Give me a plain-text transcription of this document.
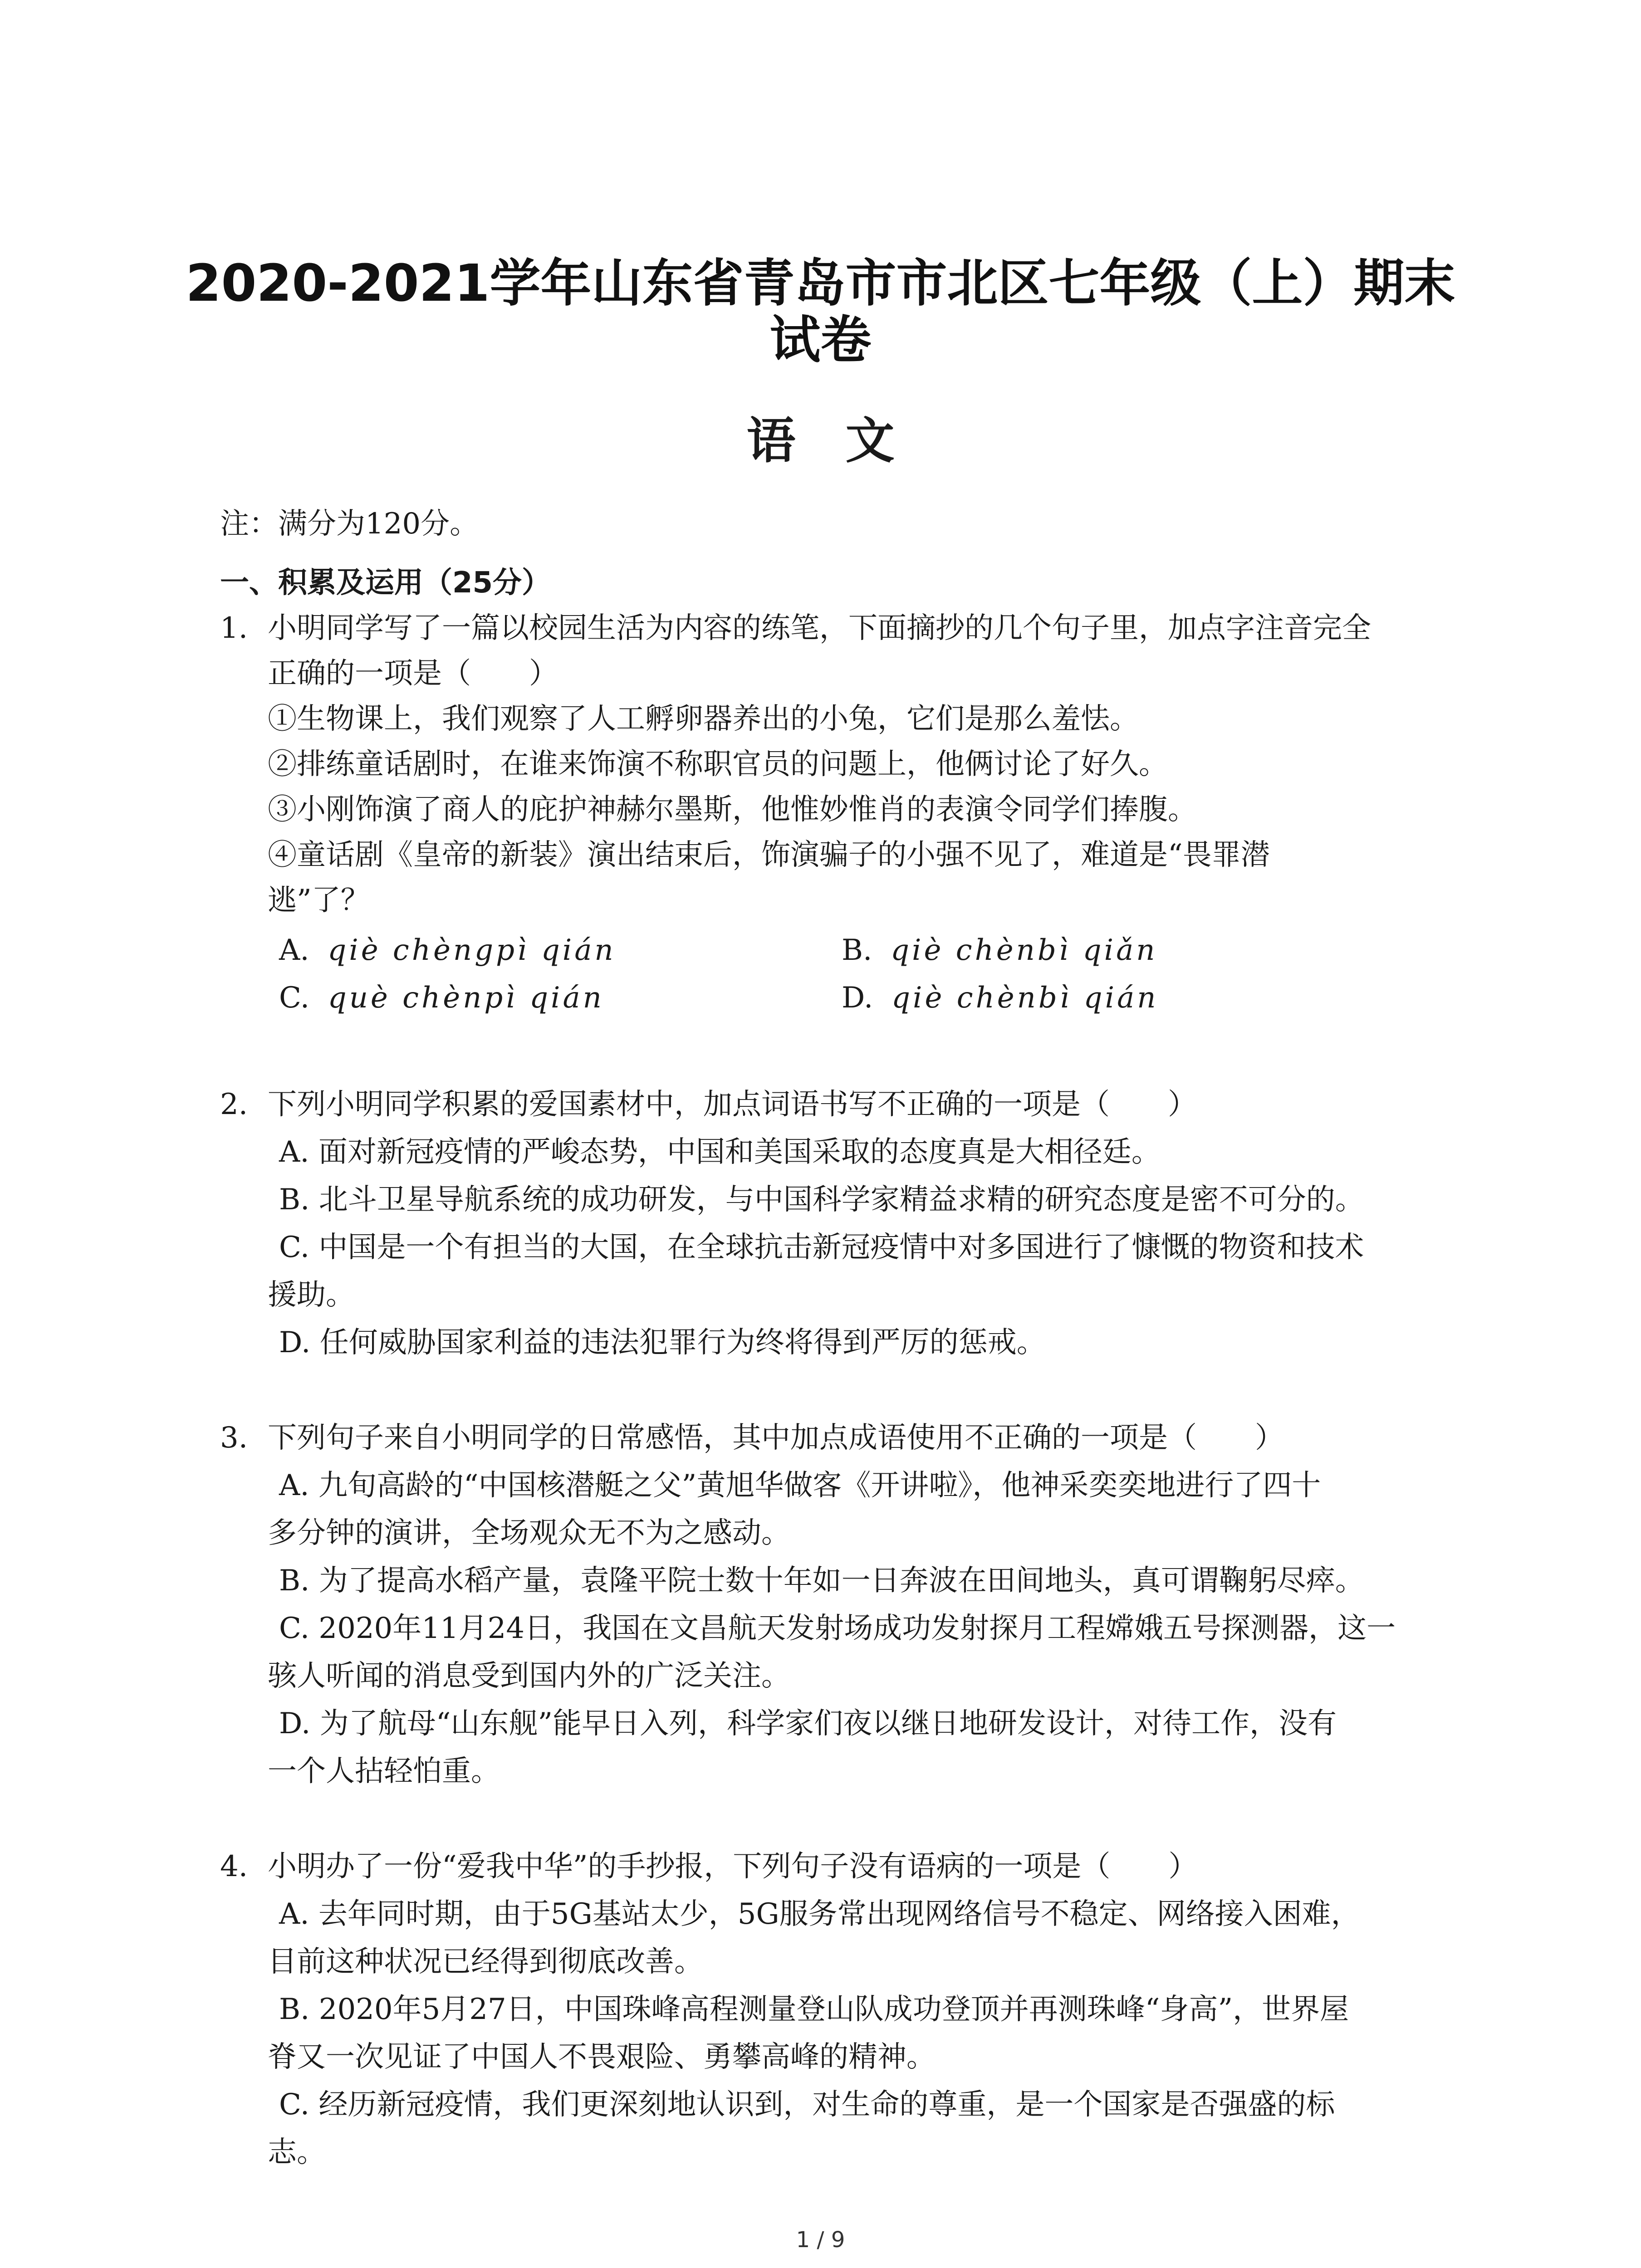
2020-2021学年山东省青岛市市北区七年级（上）期末
试卷
语文
注：满分为120分。
一、积累及运用（25分）
1. 小明同学写了一篇以校园生活为内容的练笔，下面摘抄的几个句子里，加点字注音完全
正确的一项是（　　）
①生物课上，我们观察了人工孵卵器养出的小兔，它们是那么羞怯。
②排练童话剧时，在谁来饰演不称职官员的问题上，他俩讨论了好久。
③小刚饰演了商人的庇护神赫尔墨斯，他惟妙惟肖的表演令同学们捧腹。
④童话剧《皇帝的新装》演出结束后，饰演骗子的小强不见了，难道是“畏罪潜
逃”了？
A. qiè chèngpì qián	B. qiè chènbì qiǎn
C. què chènpì qián	D. qiè chènbì qián
2. 下列小明同学积累的爱国素材中，加点词语书写不正确的一项是（　　）
A. 面对新冠疫情的严峻态势，中国和美国采取的态度真是大相径廷。
B. 北斗卫星导航系统的成功研发，与中国科学家精益求精的研究态度是密不可分的。
C. 中国是一个有担当的大国，在全球抗击新冠疫情中对多国进行了慷慨的物资和技术
援助。
D. 任何威胁国家利益的违法犯罪行为终将得到严厉的惩戒。
3. 下列句子来自小明同学的日常感悟，其中加点成语使用不正确的一项是（　　）
A. 九旬高龄的“中国核潜艇之父”黄旭华做客《开讲啦》，他神采奕奕地进行了四十
多分钟的演讲，全场观众无不为之感动。
B. 为了提高水稻产量，袁隆平院士数十年如一日奔波在田间地头，真可谓鞠躬尽瘁。
C. 2020年11月24日，我国在文昌航天发射场成功发射探月工程嫦娥五号探测器，这一
骇人听闻的消息受到国内外的广泛关注。
D. 为了航母“山东舰”能早日入列，科学家们夜以继日地研发设计，对待工作，没有
一个人拈轻怕重。
4. 小明办了一份“爱我中华”的手抄报，下列句子没有语病的一项是（　　）
A. 去年同时期，由于5G基站太少，5G服务常出现网络信号不稳定、网络接入困难，
目前这种状况已经得到彻底改善。
B. 2020年5月27日，中国珠峰高程测量登山队成功登顶并再测珠峰“身高”，世界屋
脊又一次见证了中国人不畏艰险、勇攀高峰的精神。
C. 经历新冠疫情，我们更深刻地认识到，对生命的尊重，是一个国家是否强盛的标
志。
1 / 9
